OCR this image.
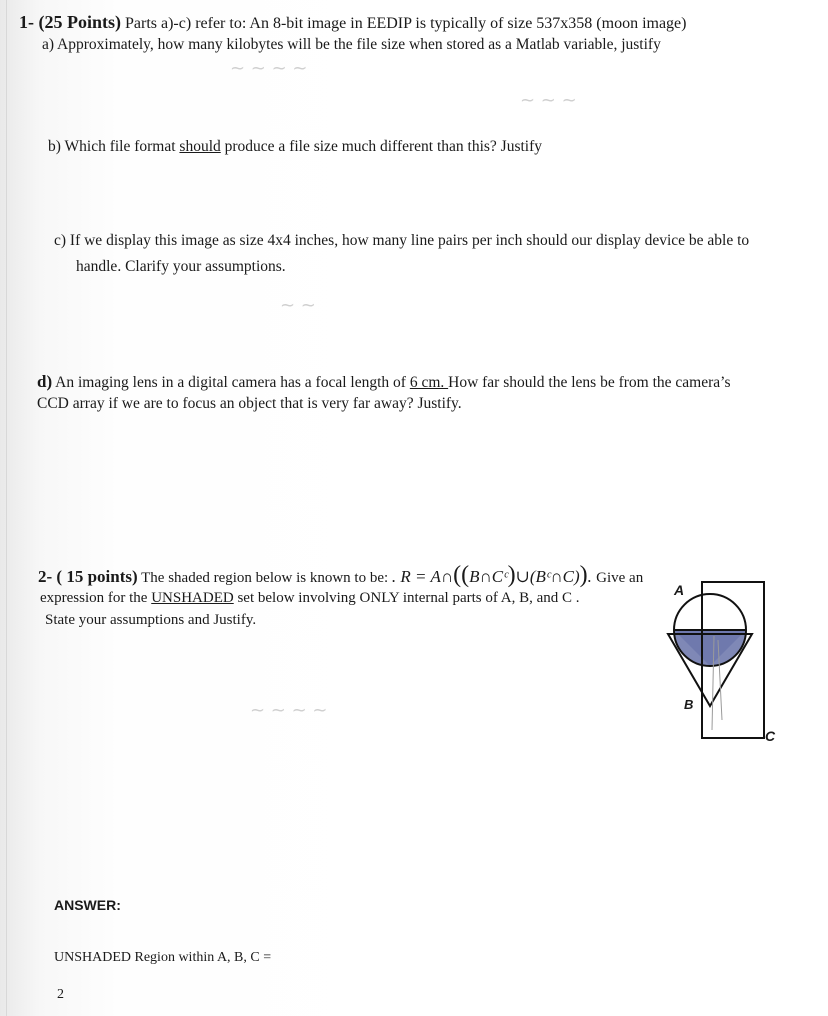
~ ~ ~ ~
~ ~ ~
~ ~
~ ~ ~ ~
1- (25 Points) Parts a)-c) refer to: An 8-bit image in EEDIP is typically of size 537x358 (moon image)
a) Approximately, how many kilobytes will be the file size when stored as a Matlab variable, justify
b) Which file format should produce a file size much different than this? Justify
c) If we display this image as size 4x4 inches, how many line pairs per inch should our display device be able to
handle. Clarify your assumptions.
d) An imaging lens in a digital camera has a focal length of 6 cm. How far should the lens be from the camera’s
CCD array if we are to focus an object that is very far away? Justify.
2- ( 15 points) The shaded region below is known to be: . R = A∩((B∩Cᶜ)∪(Bᶜ∩C)). Give an
expression for the UNSHADED set below involving ONLY internal parts of A, B, and C .
State your assumptions and Justify.
A
B
C
ANSWER:
UNSHADED Region within A, B, C =
2
